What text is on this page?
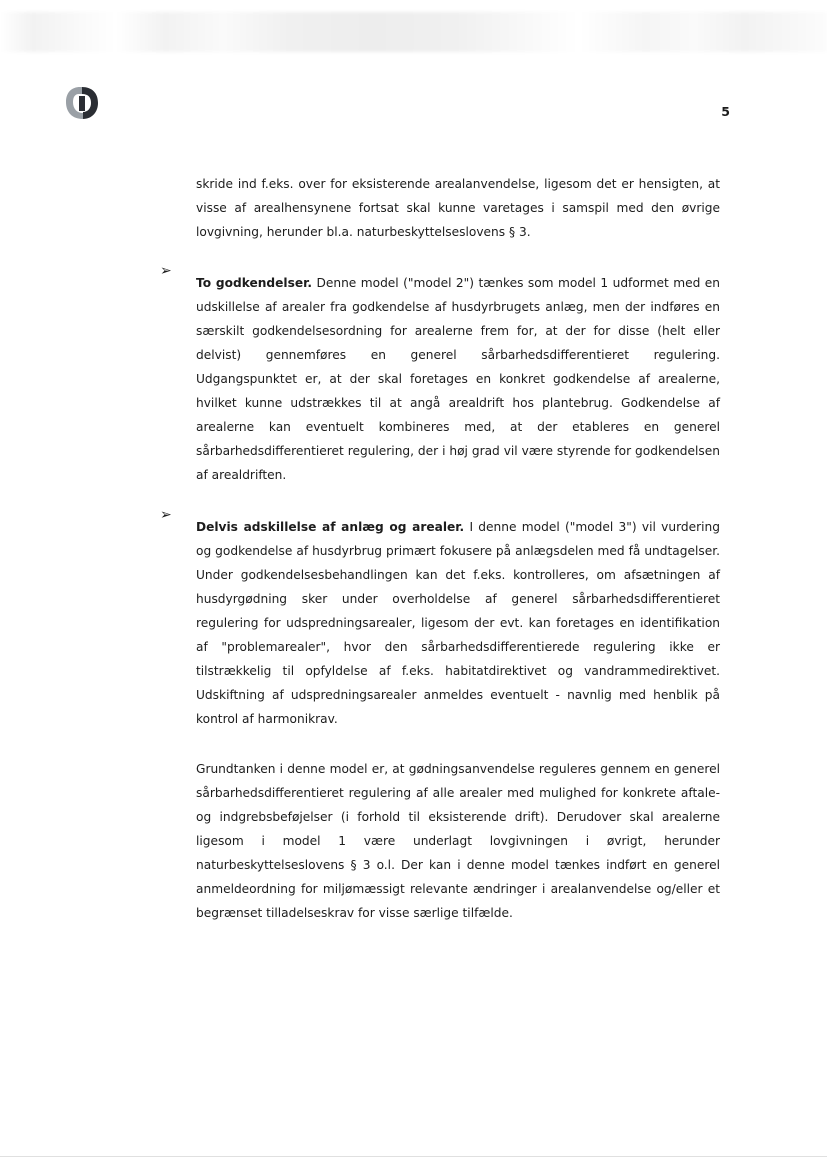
5

skride ind f.eks. over for eksisterende arealanvendelse, ligesom det er hensigten, at visse af arealhensynene fortsat skal kunne varetages i samspil med den øvrige lovgivning, herunder bl.a. naturbeskyttelseslovens § 3.

➢

To godkendelser. Denne model ("model 2") tænkes som model 1 udformet med en udskillelse af arealer fra godkendelse af husdyrbrugets anlæg, men der indføres en særskilt godkendelsesordning for arealerne frem for, at der for disse (helt eller delvist) gennemføres en generel sårbarhedsdifferentieret regulering. Udgangspunktet er, at der skal foretages en konkret godkendelse af arealerne, hvilket kunne udstrækkes til at angå arealdrift hos plantebrug. Godkendelse af arealerne kan eventuelt kombineres med, at der etableres en generel sårbarhedsdifferentieret regulering, der i høj grad vil være styrende for godkendelsen af arealdriften.

➢

Delvis adskillelse af anlæg og arealer. I denne model ("model 3") vil vurdering og godkendelse af husdyrbrug primært fokusere på anlægsdelen med få undtagelser. Under godkendelsesbehandlingen kan det f.eks. kontrolleres, om afsætningen af husdyrgødning sker under overholdelse af generel sårbarhedsdifferentieret regulering for udspredningsarealer, ligesom der evt. kan foretages en identifikation af "problemarealer", hvor den sårbarhedsdifferentierede regulering ikke er tilstrækkelig til opfyldelse af f.eks. habitatdirektivet og vandrammedirektivet. Udskiftning af udspredningsarealer anmeldes eventuelt - navnlig med henblik på kontrol af harmonikrav.

Grundtanken i denne model er, at gødningsanvendelse reguleres gennem en generel sårbarhedsdifferentieret regulering af alle arealer med mulighed for konkrete aftale- og indgrebsbeføjelser (i forhold til eksisterende drift). Derudover skal arealerne ligesom i model 1 være underlagt lovgivningen i øvrigt, herunder naturbeskyttelseslovens § 3 o.l. Der kan i denne model tænkes indført en generel anmeldeordning for miljømæssigt relevante ændringer i arealanvendelse og/eller et begrænset tilladelseskrav for visse særlige tilfælde.
